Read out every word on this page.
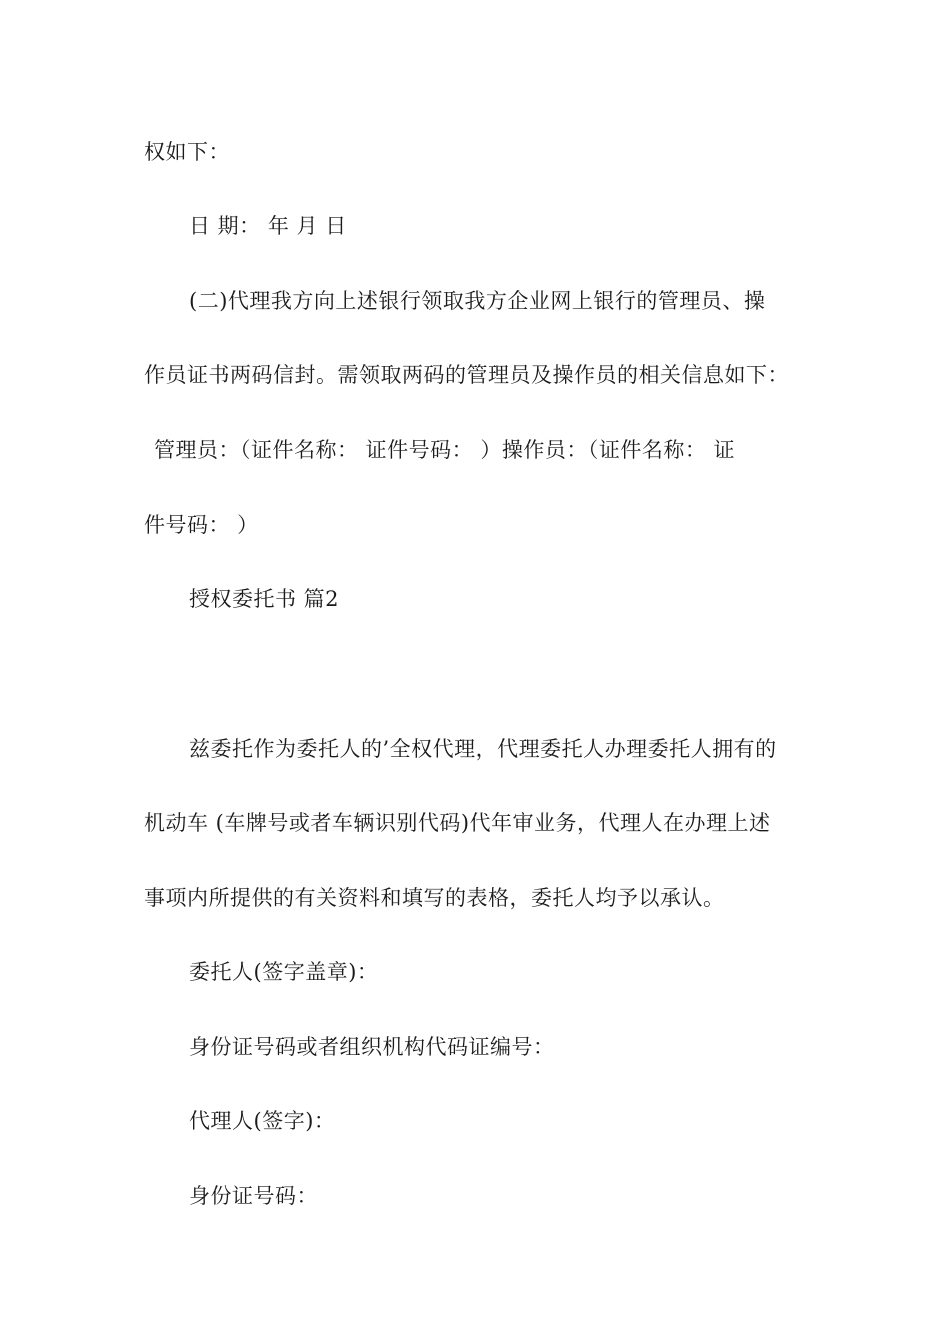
权如下：
日 期： 年 月 日
(二)代理我方向上述银行领取我方企业网上银行的管理员、操
作员证书两码信封。需领取两码的管理员及操作员的相关信息如下：
管理员：（证件名称： 证件号码： ）操作员：（证件名称： 证
件号码： ）
授权委托书 篇2
兹委托作为委托人的’全权代理，代理委托人办理委托人拥有的
机动车 (车牌号或者车辆识别代码)代年审业务，代理人在办理上述
事项内所提供的有关资料和填写的表格，委托人均予以承认。
委托人(签字盖章)：
身份证号码或者组织机构代码证编号：
代理人(签字)：
身份证号码：
